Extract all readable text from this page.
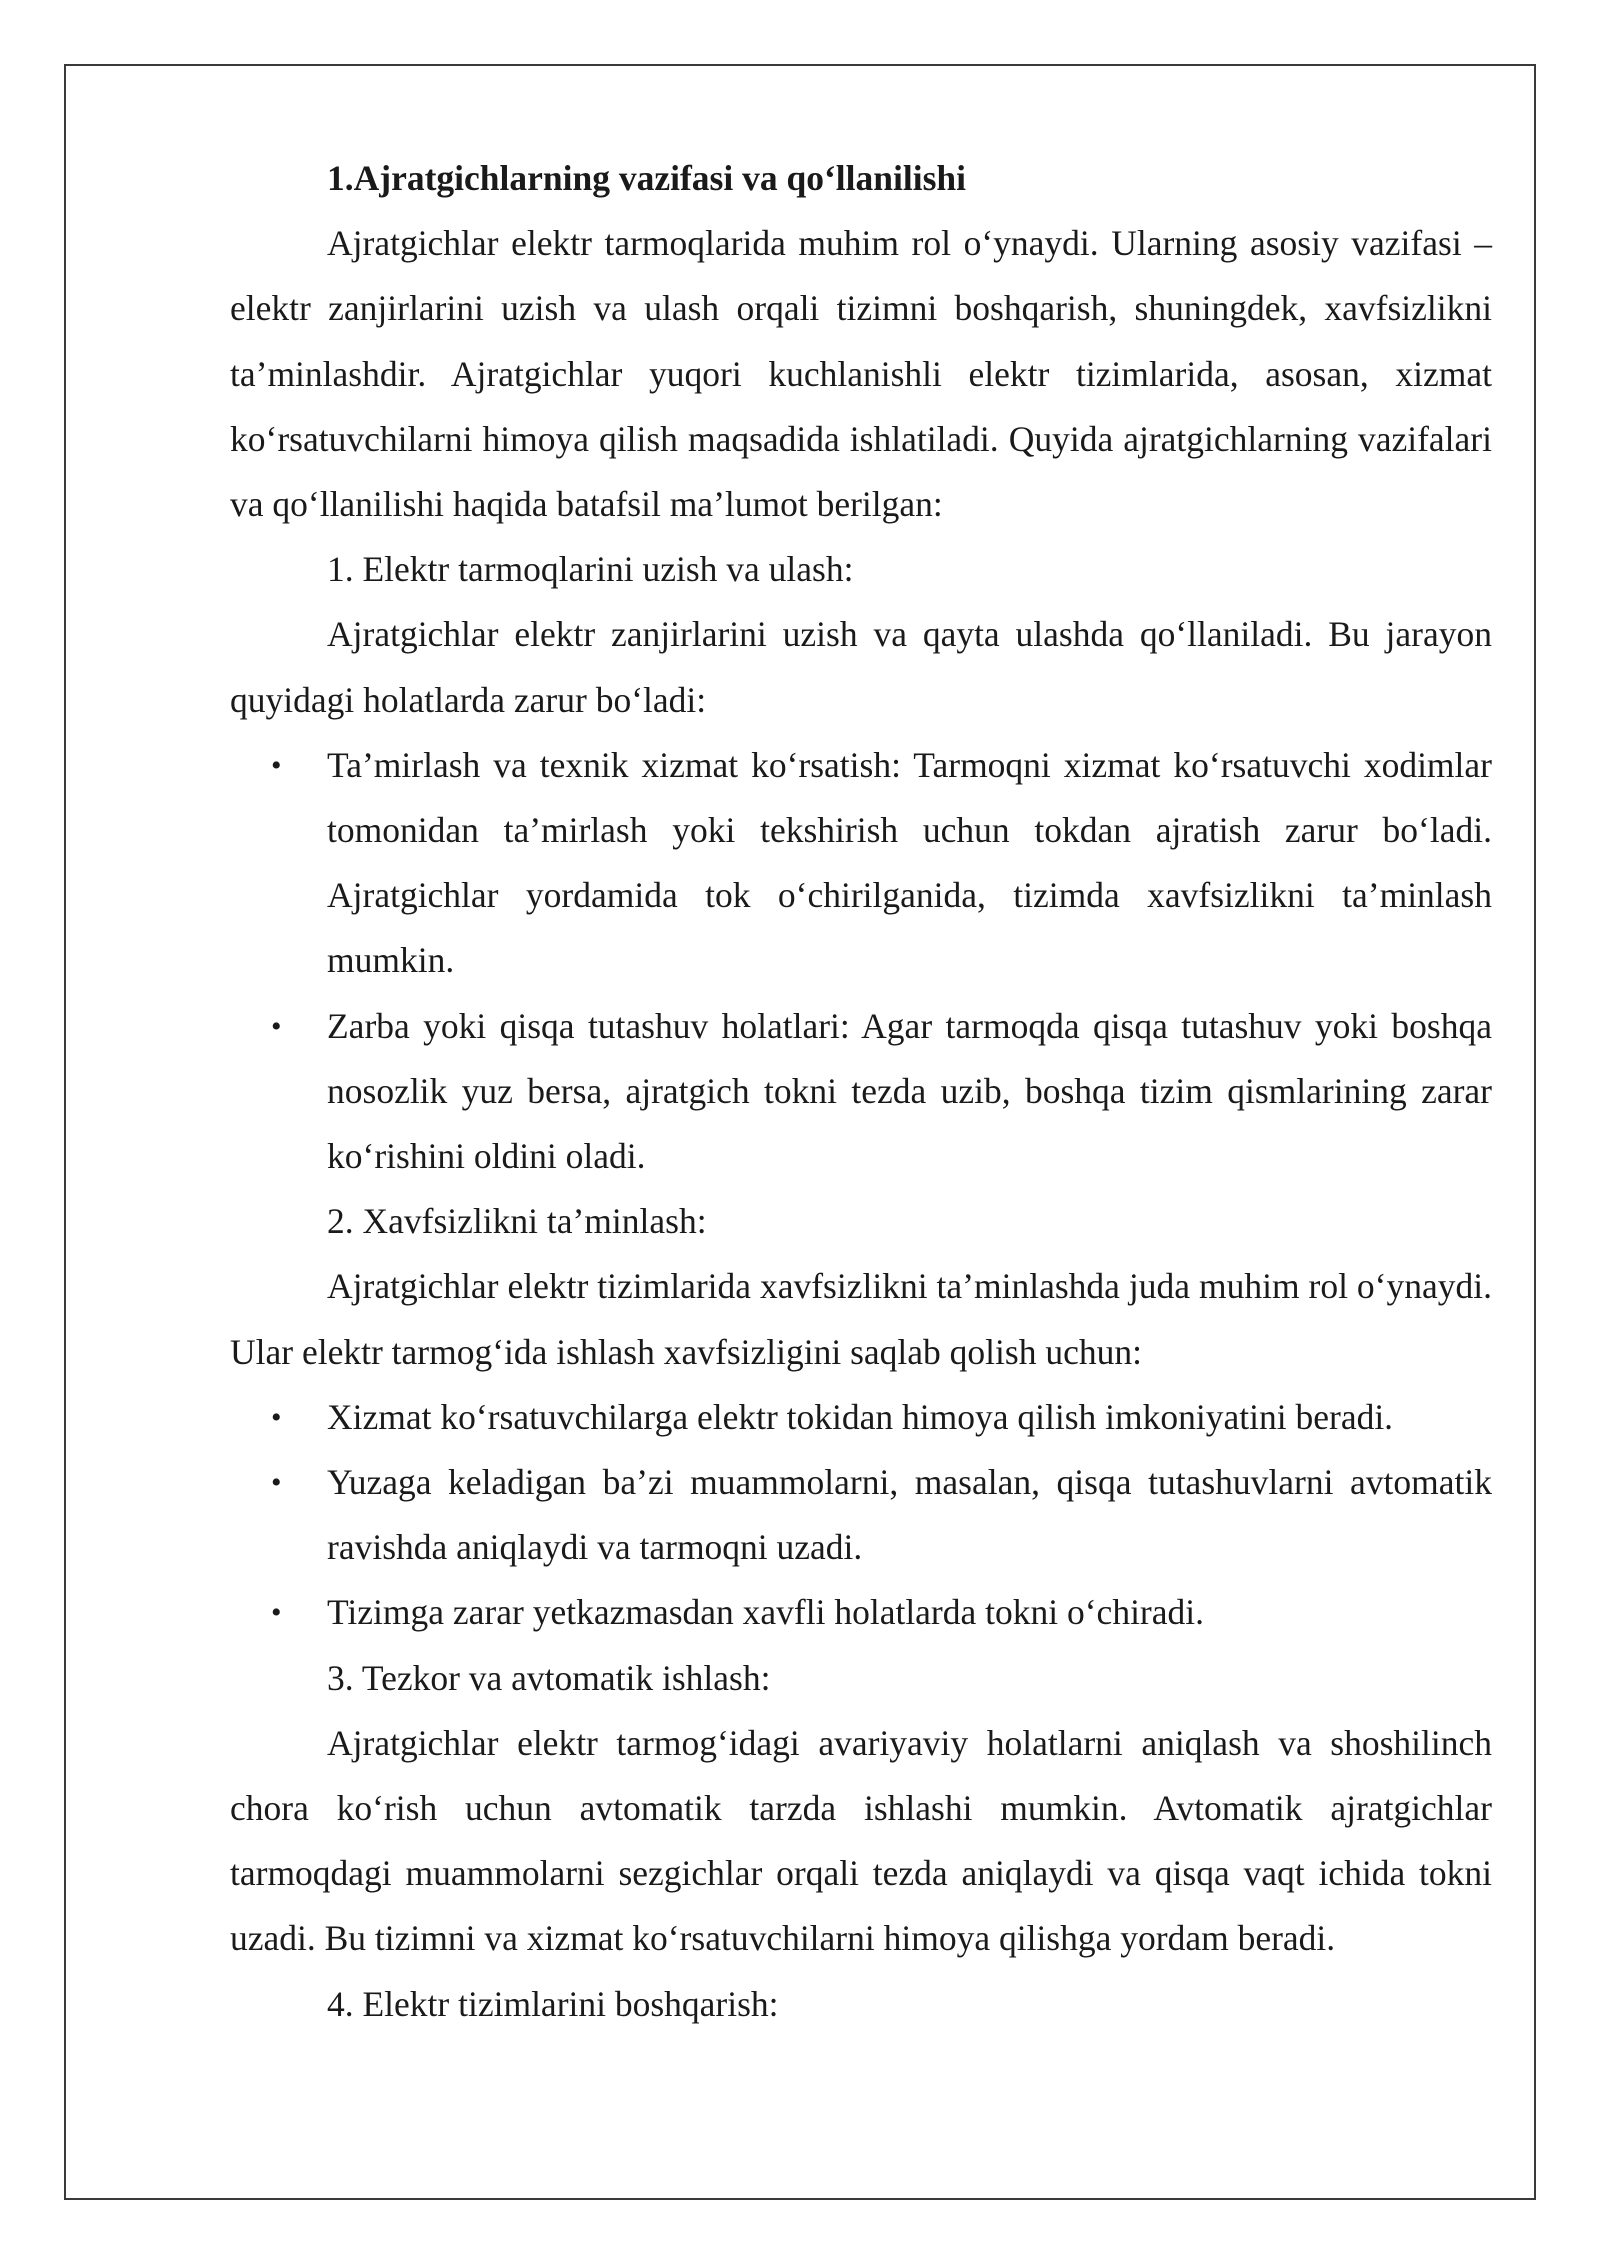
1.Ajratgichlarning vazifasi va qo‘llanilishi

Ajratgichlar elektr tarmoqlarida muhim rol o‘ynaydi. Ularning asosiy vazifasi – elektr zanjirlarini uzish va ulash orqali tizimni boshqarish, shuningdek, xavfsizlikni ta’minlashdir. Ajratgichlar yuqori kuchlanishli elektr tizimlarida, asosan, xizmat ko‘rsatuvchilarni himoya qilish maqsadida ishlatiladi. Quyida ajratgichlarning vazifalari va qo‘llanilishi haqida batafsil ma’lumot berilgan:

1. Elektr tarmoqlarini uzish va ulash:

Ajratgichlar elektr zanjirlarini uzish va qayta ulashda qo‘llaniladi. Bu jarayon quyidagi holatlarda zarur bo‘ladi:

• Ta’mirlash va texnik xizmat ko‘rsatish: Tarmoqni xizmat ko‘rsatuvchi xodimlar tomonidan ta’mirlash yoki tekshirish uchun tokdan ajratish zarur bo‘ladi. Ajratgichlar yordamida tok o‘chirilganida, tizimda xavfsizlikni ta’minlash mumkin.
• Zarba yoki qisqa tutashuv holatlari: Agar tarmoqda qisqa tutashuv yoki boshqa nosozlik yuz bersa, ajratgich tokni tezda uzib, boshqa tizim qismlarining zarar ko‘rishini oldini oladi.

2. Xavfsizlikni ta’minlash:

Ajratgichlar elektr tizimlarida xavfsizlikni ta’minlashda juda muhim rol o‘ynaydi. Ular elektr tarmog‘ida ishlash xavfsizligini saqlab qolish uchun:

• Xizmat ko‘rsatuvchilarga elektr tokidan himoya qilish imkoniyatini beradi.
• Yuzaga keladigan ba’zi muammolarni, masalan, qisqa tutashuvlarni avtomatik ravishda aniqlaydi va tarmoqni uzadi.
• Tizimga zarar yetkazmasdan xavfli holatlarda tokni o‘chiradi.

3. Tezkor va avtomatik ishlash:

Ajratgichlar elektr tarmog‘idagi avariyaviy holatlarni aniqlash va shoshilinch chora ko‘rish uchun avtomatik tarzda ishlashi mumkin. Avtomatik ajratgichlar tarmoqdagi muammolarni sezgichlar orqali tezda aniqlaydi va qisqa vaqt ichida tokni uzadi. Bu tizimni va xizmat ko‘rsatuvchilarni himoya qilishga yordam beradi.

4. Elektr tizimlarini boshqarish:
